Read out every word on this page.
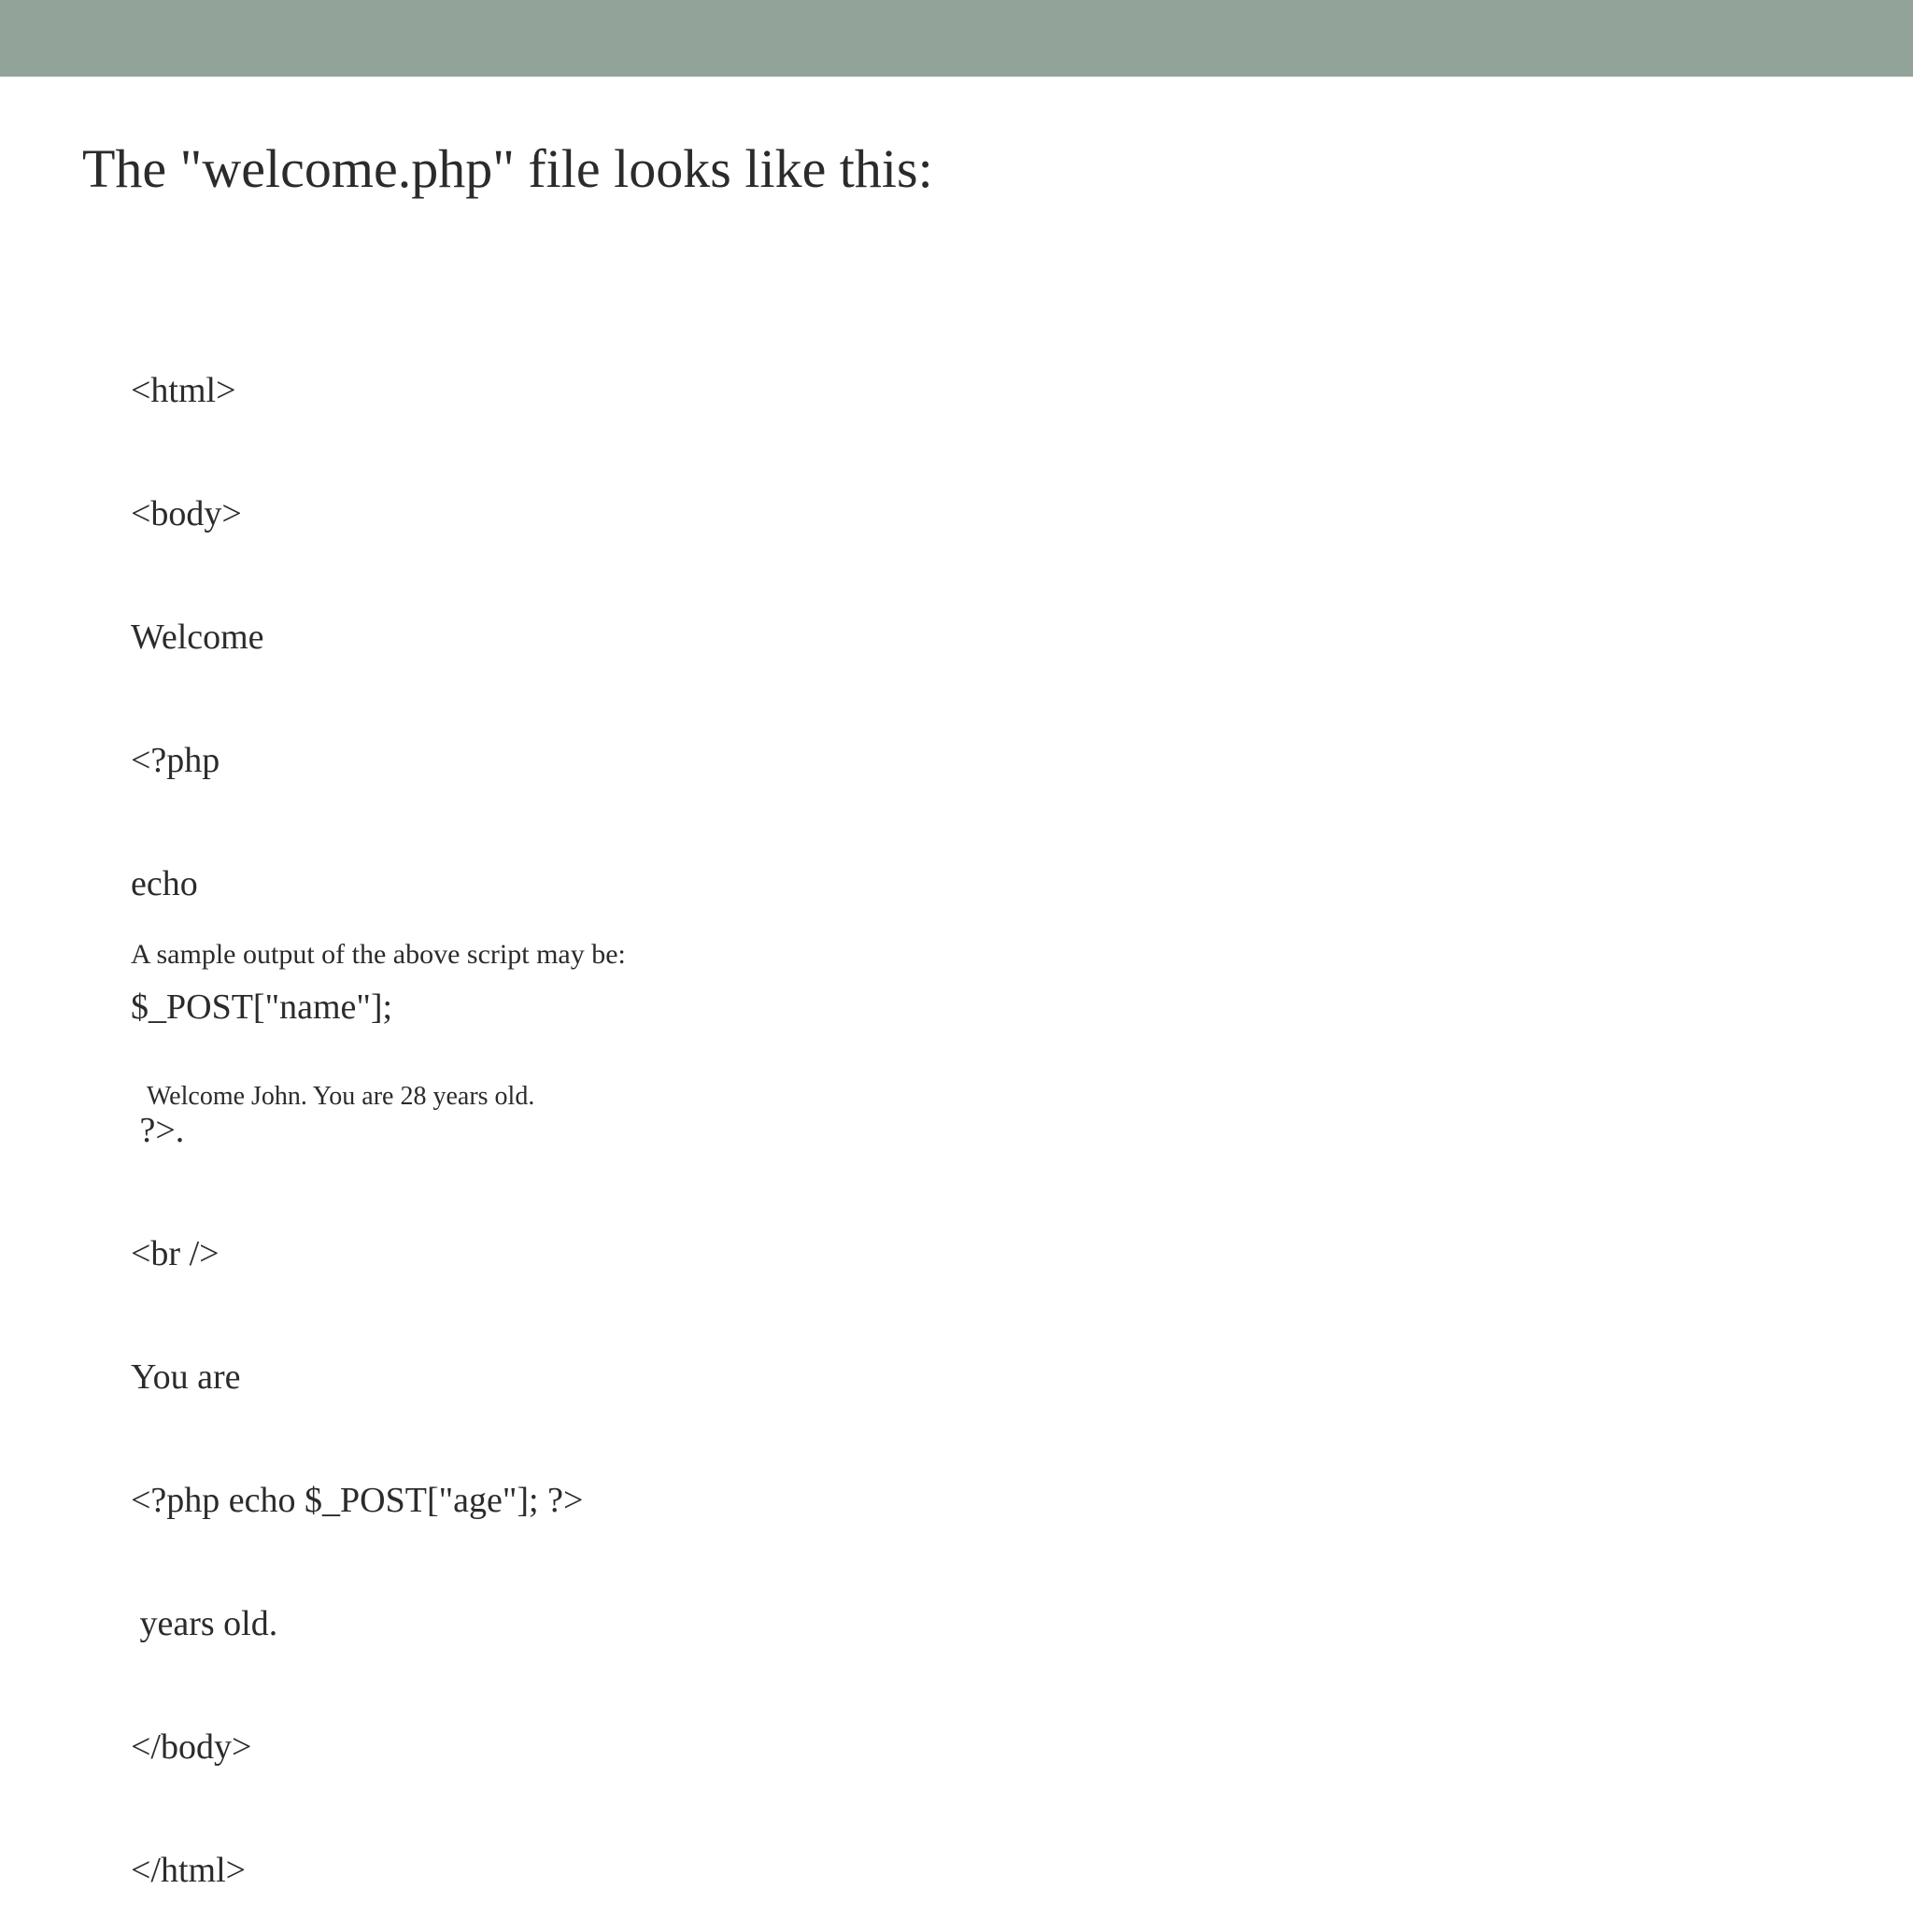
The "welcome.php" file looks like this:

<html>

<body>

Welcome

<?php

echo

$_POST["name"];

?>.

<br />

You are

<?php echo $_POST["age"]; ?>

years old.

</body>

</html>

A sample output of the above script may be:

Welcome John. You are 28 years old.
